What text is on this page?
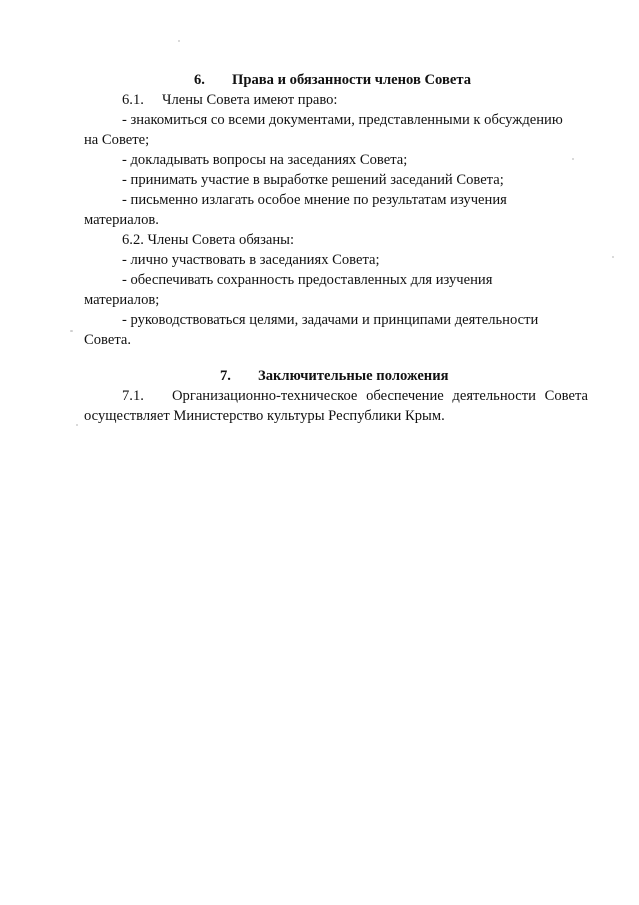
6. Права и обязанности членов Совета
6.1. Члены Совета имеют право:
- знакомиться со всеми документами, представленными к обсуждению
на Совете;
- докладывать вопросы на заседаниях Совета;
- принимать участие в выработке решений заседаний Совета;
- письменно излагать особое мнение по результатам изучения
материалов.
6.2. Члены Совета обязаны:
- лично участвовать в заседаниях Совета;
- обеспечивать сохранность предоставленных для изучения
материалов;
- руководствоваться целями, задачами и принципами деятельности
Совета.
7. Заключительные положения
7.1. Организационно-техническое обеспечение деятельности Совета
осуществляет Министерство культуры Республики Крым.
